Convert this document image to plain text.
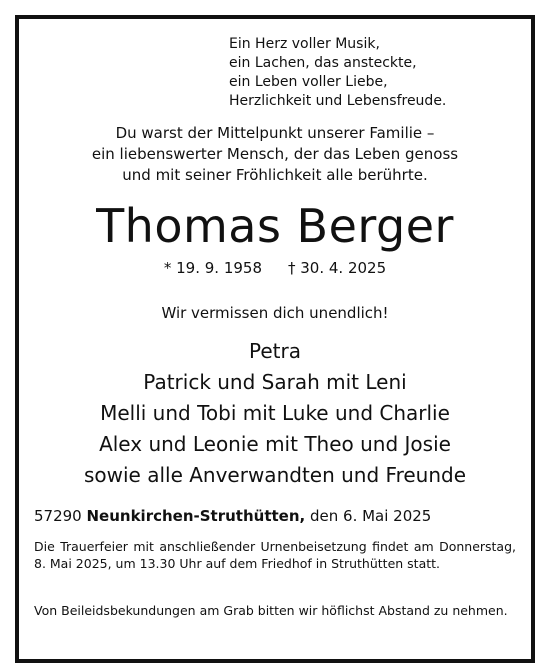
Ein Herz voller Musik,
ein Lachen, das ansteckte,
ein Leben voller Liebe,
Herzlichkeit und Lebensfreude.
Du warst der Mittelpunkt unserer Familie –
ein liebenswerter Mensch, der das Leben genoss
und mit seiner Fröhlichkeit alle berührte.
Thomas Berger
* 19. 9. 1958 † 30. 4. 2025
Wir vermissen dich unendlich!
Petra
Patrick und Sarah mit Leni
Melli und Tobi mit Luke und Charlie
Alex und Leonie mit Theo und Josie
sowie alle Anverwandten und Freunde
57290 Neunkirchen-Struthütten, den 6. Mai 2025
Die Trauerfeier mit anschließender Urnenbeisetzung findet am Donnerstag, 8. Mai 2025, um 13.30 Uhr auf dem Friedhof in Struthütten statt.
Von Beileidsbekundungen am Grab bitten wir höflichst Abstand zu nehmen.
